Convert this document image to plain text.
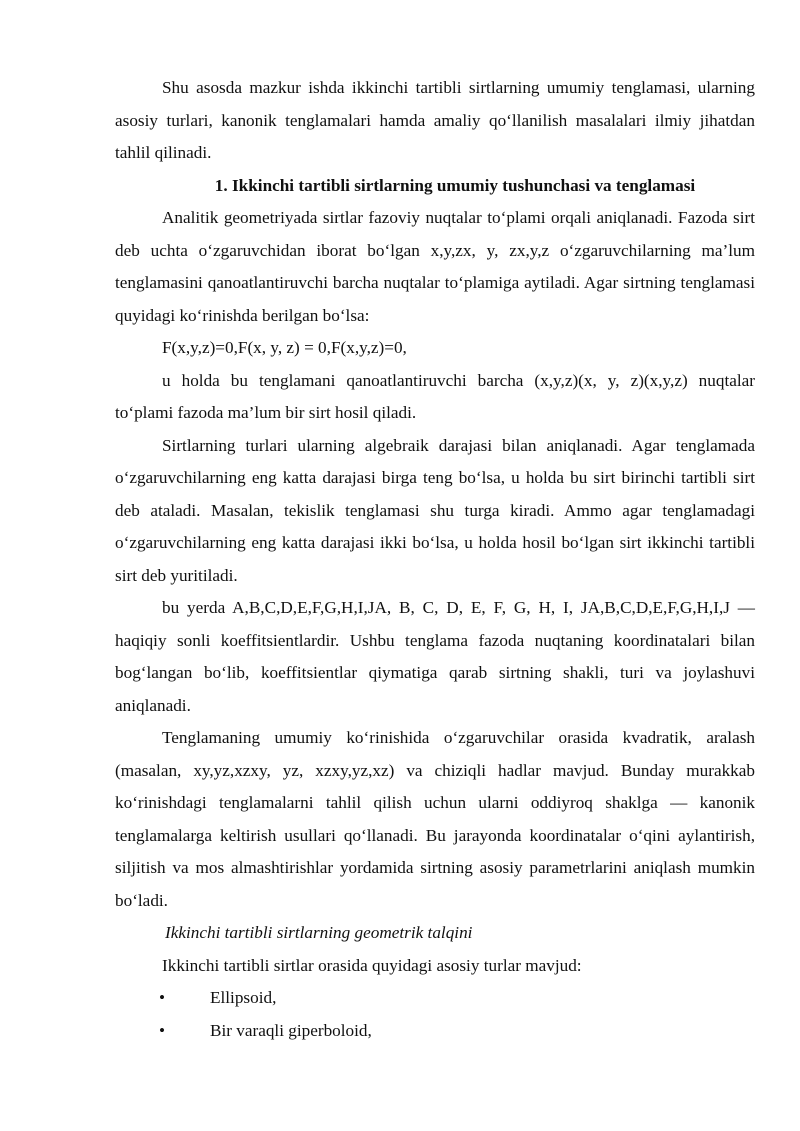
Shu asosda mazkur ishda ikkinchi tartibli sirtlarning umumiy tenglamasi, ularning asosiy turlari, kanonik tenglamalari hamda amaliy qo‘llanilish masalalari ilmiy jihatdan tahlil qilinadi.

1. Ikkinchi tartibli sirtlarning umumiy tushunchasi va tenglamasi

Analitik geometriyada sirtlar fazoviy nuqtalar to‘plami orqali aniqlanadi. Fazoda sirt deb uchta o‘zgaruvchidan iborat bo‘lgan x,y,zx, y, zx,y,z o‘zgaruvchilarning ma’lum tenglamasini qanoatlantiruvchi barcha nuqtalar to‘plamiga aytiladi. Agar sirtning tenglamasi quyidagi ko‘rinishda berilgan bo‘lsa:

F(x,y,z)=0,F(x, y, z) = 0,F(x,y,z)=0,

u holda bu tenglamani qanoatlantiruvchi barcha (x,y,z)(x, y, z)(x,y,z) nuqtalar to‘plami fazoda ma’lum bir sirt hosil qiladi.

Sirtlarning turlari ularning algebraik darajasi bilan aniqlanadi. Agar tenglamada o‘zgaruvchilarning eng katta darajasi birga teng bo‘lsa, u holda bu sirt birinchi tartibli sirt deb ataladi. Masalan, tekislik tenglamasi shu turga kiradi. Ammo agar tenglamadagi o‘zgaruvchilarning eng katta darajasi ikki bo‘lsa, u holda hosil bo‘lgan sirt ikkinchi tartibli sirt deb yuritiladi.

bu yerda A,B,C,D,E,F,G,H,I,JA, B, C, D, E, F, G, H, I, JA,B,C,D,E,F,G,H,I,J — haqiqiy sonli koeffitsientlardir. Ushbu tenglama fazoda nuqtaning koordinatalari bilan bog‘langan bo‘lib, koeffitsientlar qiymatiga qarab sirtning shakli, turi va joylashuvi aniqlanadi.

Tenglamaning umumiy ko‘rinishida o‘zgaruvchilar orasida kvadratik, aralash (masalan, xy,yz,xzxy, yz, xzxy,yz,xz) va chiziqli hadlar mavjud. Bunday murakkab ko‘rinishdagi tenglamalarni tahlil qilish uchun ularni oddiyroq shaklga — kanonik tenglamalarga keltirish usullari qo‘llanadi. Bu jarayonda koordinatalar o‘qini aylantirish, siljitish va mos almashtirishlar yordamida sirtning asosiy parametrlarini aniqlash mumkin bo‘ladi.

Ikkinchi tartibli sirtlarning geometrik talqini

Ikkinchi tartibli sirtlar orasida quyidagi asosiy turlar mavjud:

•	Ellipsoid,
•	Bir varaqli giperboloid,
